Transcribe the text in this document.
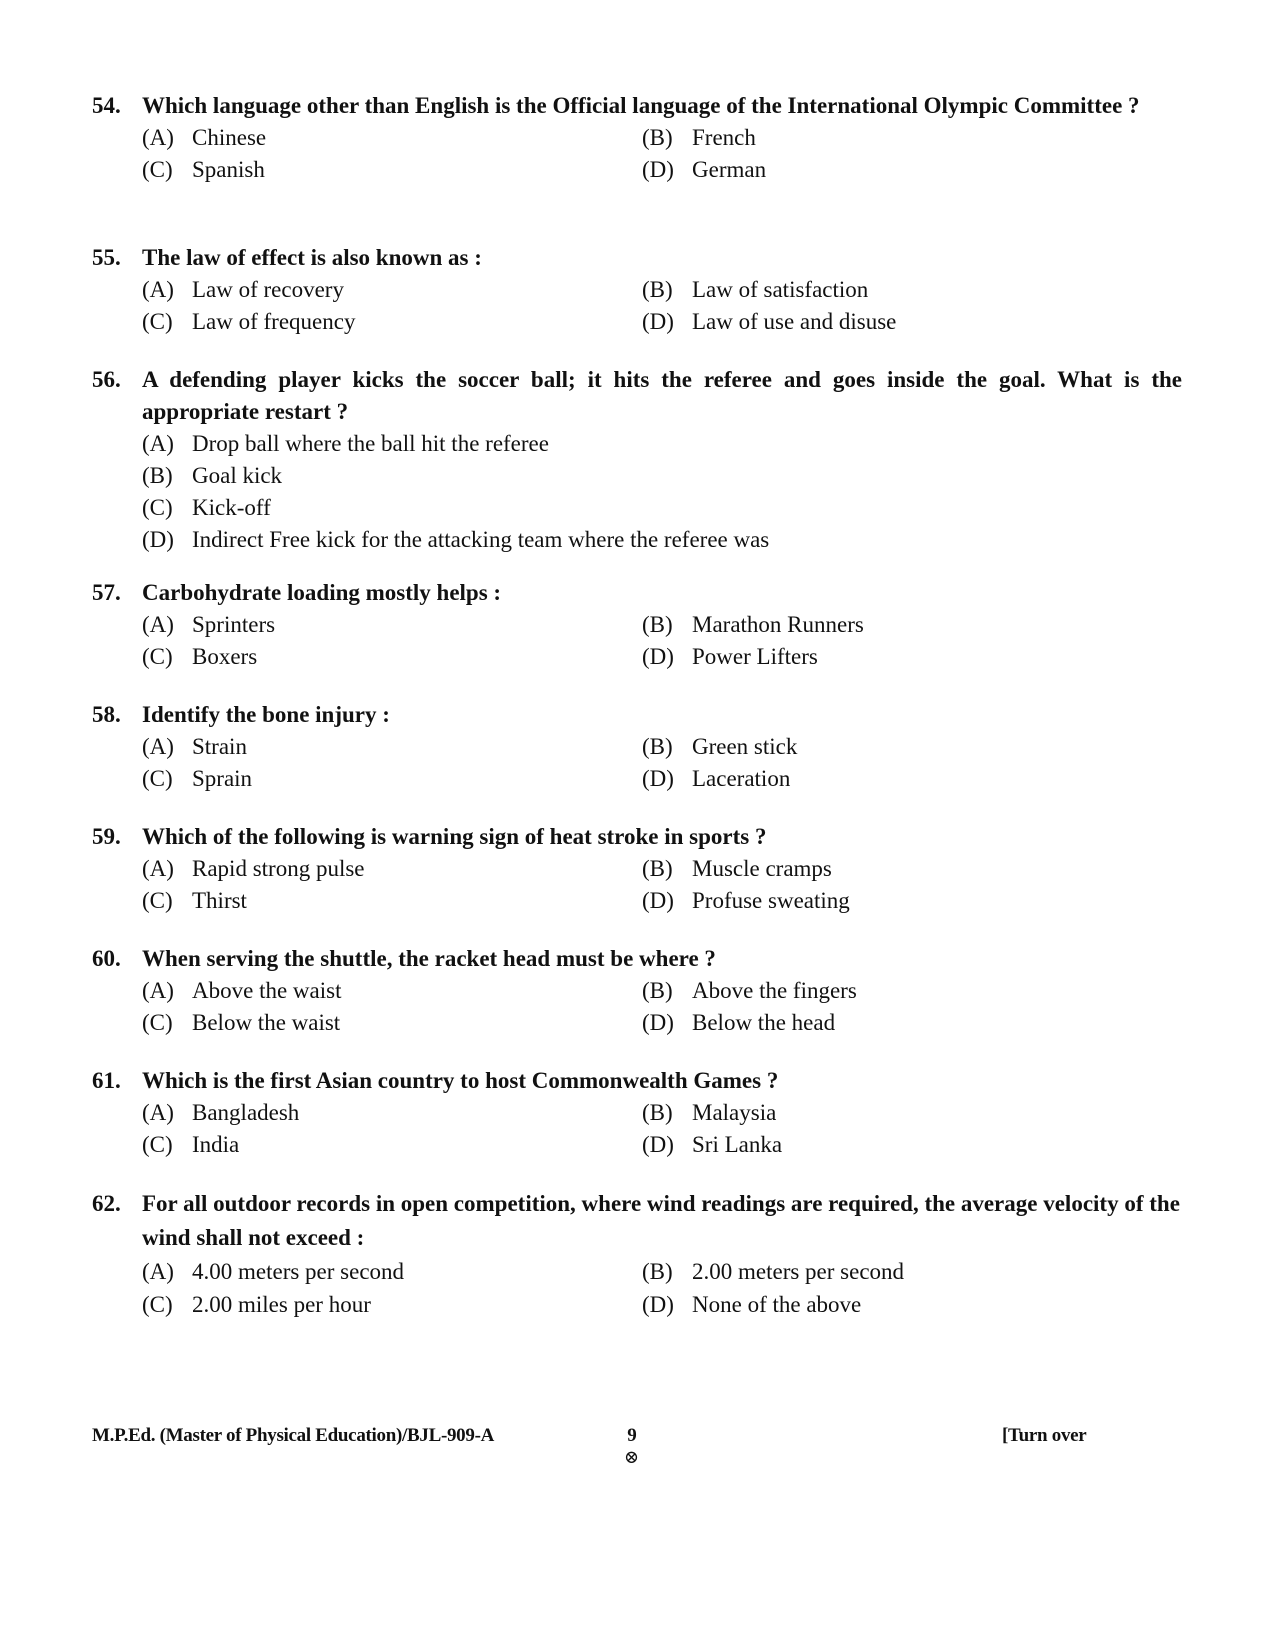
54. Which language other than English is the Official language of the International Olympic Committee ?
(A) Chinese	(B) French
(C) Spanish	(D) German
55. The law of effect is also known as :
(A) Law of recovery	(B) Law of satisfaction
(C) Law of frequency	(D) Law of use and disuse
56. A defending player kicks the soccer ball; it hits the referee and goes inside the goal. What is the appropriate restart ?
(A) Drop ball where the ball hit the referee
(B) Goal kick
(C) Kick-off
(D) Indirect Free kick for the attacking team where the referee was
57. Carbohydrate loading mostly helps :
(A) Sprinters	(B) Marathon Runners
(C) Boxers	(D) Power Lifters
58. Identify the bone injury :
(A) Strain	(B) Green stick
(C) Sprain	(D) Laceration
59. Which of the following is warning sign of heat stroke in sports ?
(A) Rapid strong pulse	(B) Muscle cramps
(C) Thirst	(D) Profuse sweating
60. When serving the shuttle, the racket head must be where ?
(A) Above the waist	(B) Above the fingers
(C) Below the waist	(D) Below the head
61. Which is the first Asian country to host Commonwealth Games ?
(A) Bangladesh	(B) Malaysia
(C) India	(D) Sri Lanka
62. For all outdoor records in open competition, where wind readings are required, the average velocity of the wind shall not exceed :
(A) 4.00 meters per second	(B) 2.00 meters per second
(C) 2.00 miles per hour	(D) None of the above
M.P.Ed. (Master of Physical Education)/BJL-909-A	9
⊗
[Turn over
